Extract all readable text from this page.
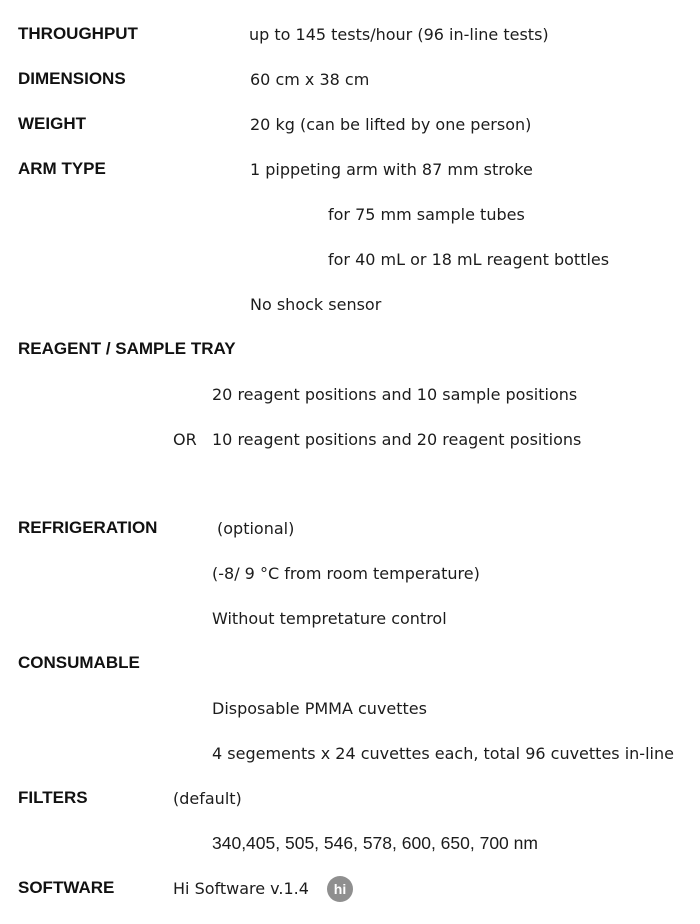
THROUGHPUT	up to 145 tests/hour (96 in-line tests)
DIMENSIONS	60 cm x 38 cm
WEIGHT	20 kg (can be lifted by one person)
ARM TYPE	1 pippeting arm with 87 mm stroke
for 75 mm sample tubes
for 40 mL or 18 mL reagent bottles
No shock sensor
REAGENT / SAMPLE TRAY
20 reagent positions and 10 sample positions
OR 10 reagent positions and 20 reagent positions
REFRIGERATION	(optional)
(-8/ 9 °C from room temperature)
Without tempretature control
CONSUMABLE
Disposable PMMA cuvettes
4 segements x 24 cuvettes each, total 96 cuvettes in-line
FILTERS	(default)
340,405, 505, 546, 578, 600, 650, 700 nm
SOFTWARE	Hi Software v.1.4	hi
